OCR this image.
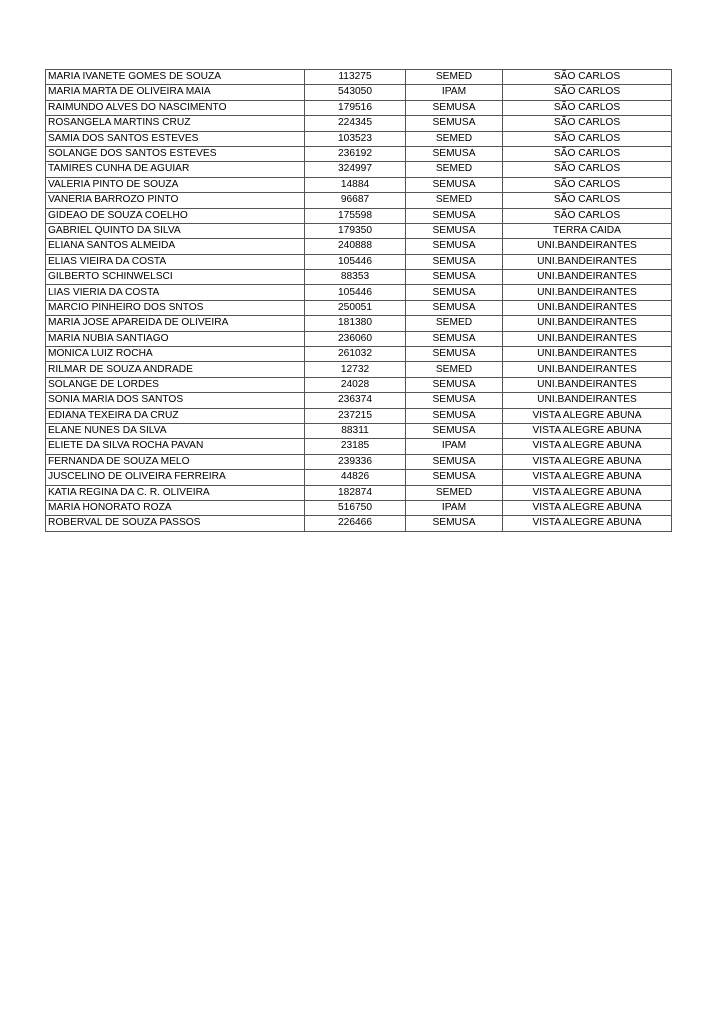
MARIA IVANETE GOMES DE SOUZA	113275	SEMED	SÃO CARLOS
MARIA MARTA DE OLIVEIRA MAIA	543050	IPAM	SÃO CARLOS
RAIMUNDO ALVES DO NASCIMENTO	179516	SEMUSA	SÃO CARLOS
ROSANGELA MARTINS CRUZ	224345	SEMUSA	SÃO CARLOS
SAMIA DOS SANTOS ESTEVES	103523	SEMED	SÃO CARLOS
SOLANGE DOS SANTOS ESTEVES	236192	SEMUSA	SÃO CARLOS
TAMIRES CUNHA DE AGUIAR	324997	SEMED	SÃO CARLOS
VALERIA PINTO DE SOUZA	14884	SEMUSA	SÃO CARLOS
VANERIA BARROZO PINTO	96687	SEMED	SÃO CARLOS
GIDEAO DE SOUZA COELHO	175598	SEMUSA	SÃO CARLOS
GABRIEL QUINTO DA SILVA	179350	SEMUSA	TERRA CAIDA
ELIANA SANTOS ALMEIDA	240888	SEMUSA	UNI.BANDEIRANTES
ELIAS VIEIRA DA COSTA	105446	SEMUSA	UNI.BANDEIRANTES
GILBERTO SCHINWELSCI	88353	SEMUSA	UNI.BANDEIRANTES
LIAS VIERIA DA COSTA	105446	SEMUSA	UNI.BANDEIRANTES
MARCIO PINHEIRO DOS SNTOS	250051	SEMUSA	UNI.BANDEIRANTES
MARIA JOSE APAREIDA DE OLIVEIRA	181380	SEMED	UNI.BANDEIRANTES
MARIA NUBIA SANTIAGO	236060	SEMUSA	UNI.BANDEIRANTES
MONICA LUIZ ROCHA	261032	SEMUSA	UNI.BANDEIRANTES
RILMAR DE SOUZA ANDRADE	12732	SEMED	UNI.BANDEIRANTES
SOLANGE DE LORDES	24028	SEMUSA	UNI.BANDEIRANTES
SONIA MARIA DOS SANTOS	236374	SEMUSA	UNI.BANDEIRANTES
EDIANA TEXEIRA DA CRUZ	237215	SEMUSA	VISTA ALEGRE ABUNA
ELANE NUNES DA SILVA	88311	SEMUSA	VISTA ALEGRE ABUNA
ELIETE DA SILVA ROCHA PAVAN	23185	IPAM	VISTA ALEGRE ABUNA
FERNANDA DE SOUZA MELO	239336	SEMUSA	VISTA ALEGRE ABUNA
JUSCELINO DE OLIVEIRA FERREIRA	44826	SEMUSA	VISTA ALEGRE ABUNA
KATIA REGINA DA C. R. OLIVEIRA	182874	SEMED	VISTA ALEGRE ABUNA
MARIA HONORATO ROZA	516750	IPAM	VISTA ALEGRE ABUNA
ROBERVAL DE SOUZA PASSOS	226466	SEMUSA	VISTA ALEGRE ABUNA
